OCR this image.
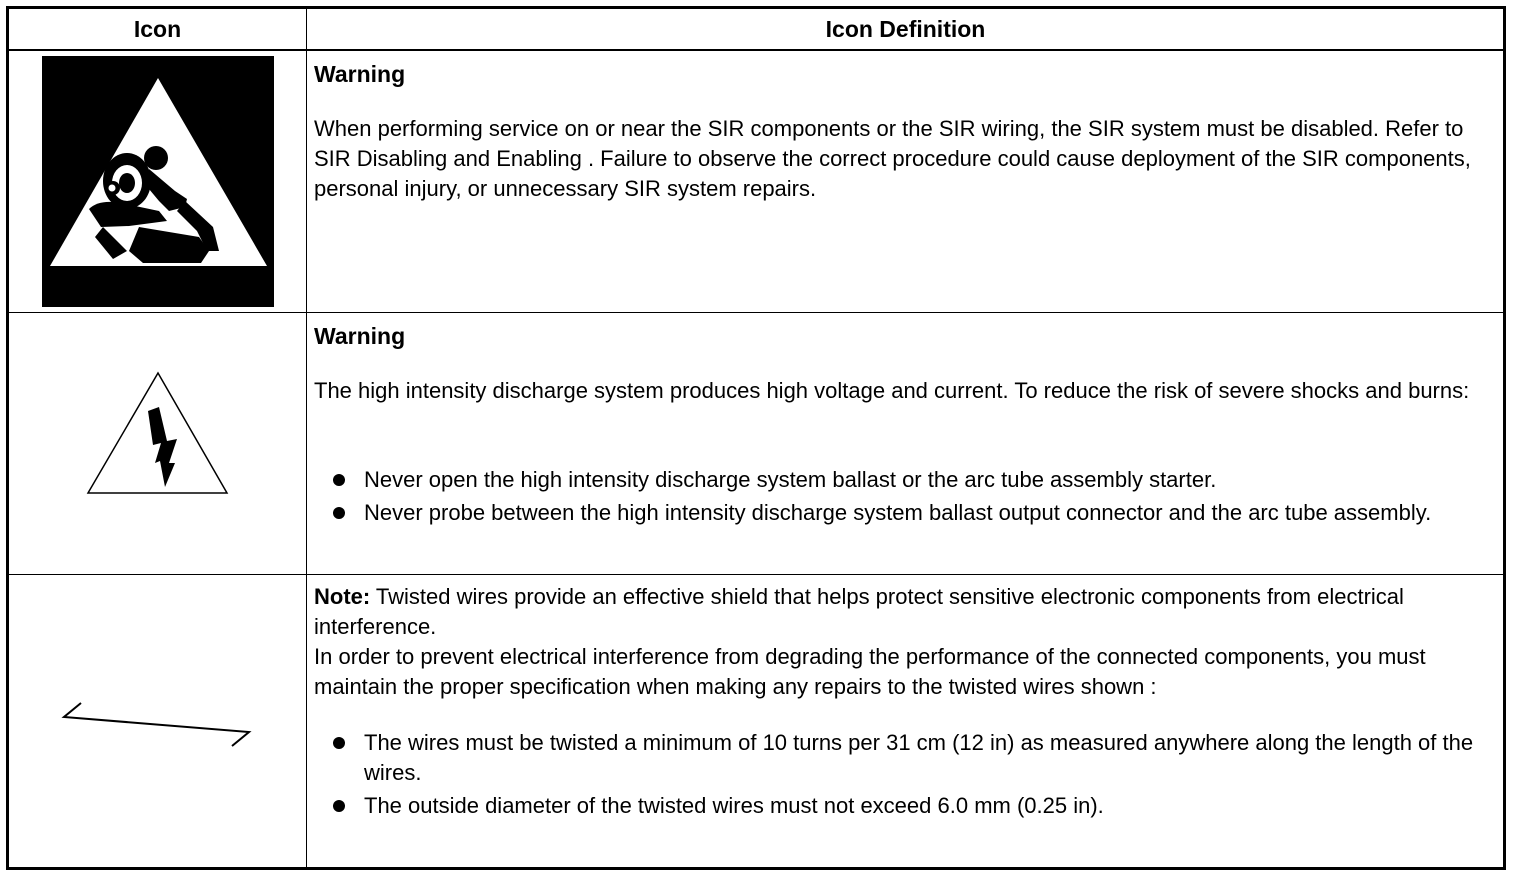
Icon	Icon Definition
Warning

When performing service on or near the SIR components or the SIR wiring, the SIR system must be disabled. Refer to SIR Disabling and Enabling . Failure to observe the correct procedure could cause deployment of the SIR components, personal injury, or unnecessary SIR system repairs.

Warning

The high intensity discharge system produces high voltage and current. To reduce the risk of severe shocks and burns:

Never open the high intensity discharge system ballast or the arc tube assembly starter.
Never probe between the high intensity discharge system ballast output connector and the arc tube assembly.

Note: Twisted wires provide an effective shield that helps protect sensitive electronic components from electrical interference.
In order to prevent electrical interference from degrading the performance of the connected components, you must maintain the proper specification when making any repairs to the twisted wires shown :

The wires must be twisted a minimum of 10 turns per 31 cm (12 in) as measured anywhere along the length of the wires.
The outside diameter of the twisted wires must not exceed 6.0 mm (0.25 in).
